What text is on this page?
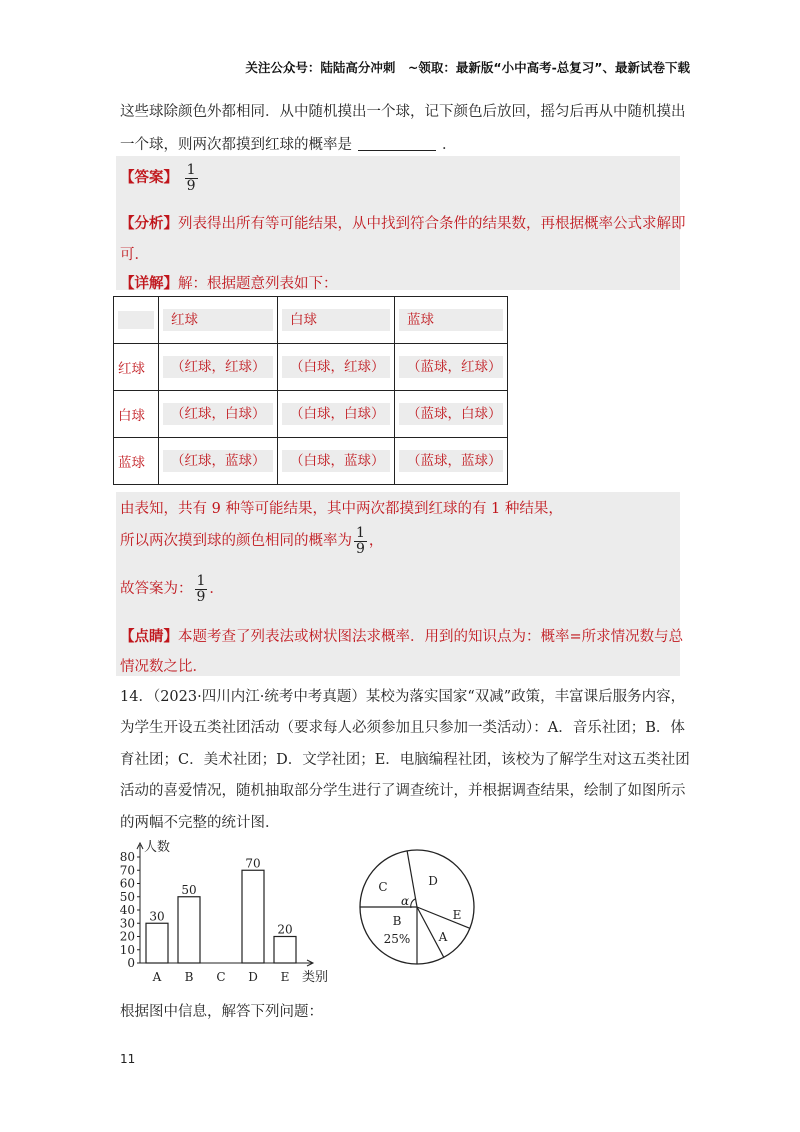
关注公众号：陆陆高分冲刺　~领取：最新版“小中高考-总复习”、最新试卷下载
这些球除颜色外都相同．从中随机摸出一个球，记下颜色后放回，摇匀后再从中随机摸出
一个球，则两次都摸到红球的概率是	．
【答案】 $\frac{1}{9}$
【分析】列表得出所有等可能结果，从中找到符合条件的结果数，再根据概率公式求解即
可．
【详解】解：根据题意列表如下：

	红球	白球	蓝球

红球	（红球，红球）	（白球，红球）	（蓝球，红球）

白球	（红球，白球）	（白球，白球）	（蓝球，白球）

蓝球	（红球，蓝球）	（白球，蓝球）	（蓝球，蓝球）
由表知，共有 9 种等可能结果，其中两次都摸到红球的有 1 种结果，
所以两次摸到球的颜色相同的概率为 $\frac{1}{9}$ ，
故答案为： $\frac{1}{9}$ ．
【点睛】本题考查了列表法或树状图法求概率．用到的知识点为：概率=所求情况数与总
情况数之比．
14．（2023·四川内江·统考中考真题）某校为落实国家“双减”政策，丰富课后服务内容，
为学生开设五类社团活动（要求每人必须参加且只参加一类活动）：A．音乐社团；B．体
育社团；C．美术社团；D．文学社团；E．电脑编程社团，该校为了解学生对这五类社团
活动的喜爱情况，随机抽取部分学生进行了调查统计，并根据调查结果，绘制了如图所示
的两幅不完整的统计图．
人数
类别
0
10
20
30
40
50
60
70
80
A
30
B
50
C D
70
E
20
A
B
C	D
E
25%
α
根据图中信息，解答下列问题：
11
